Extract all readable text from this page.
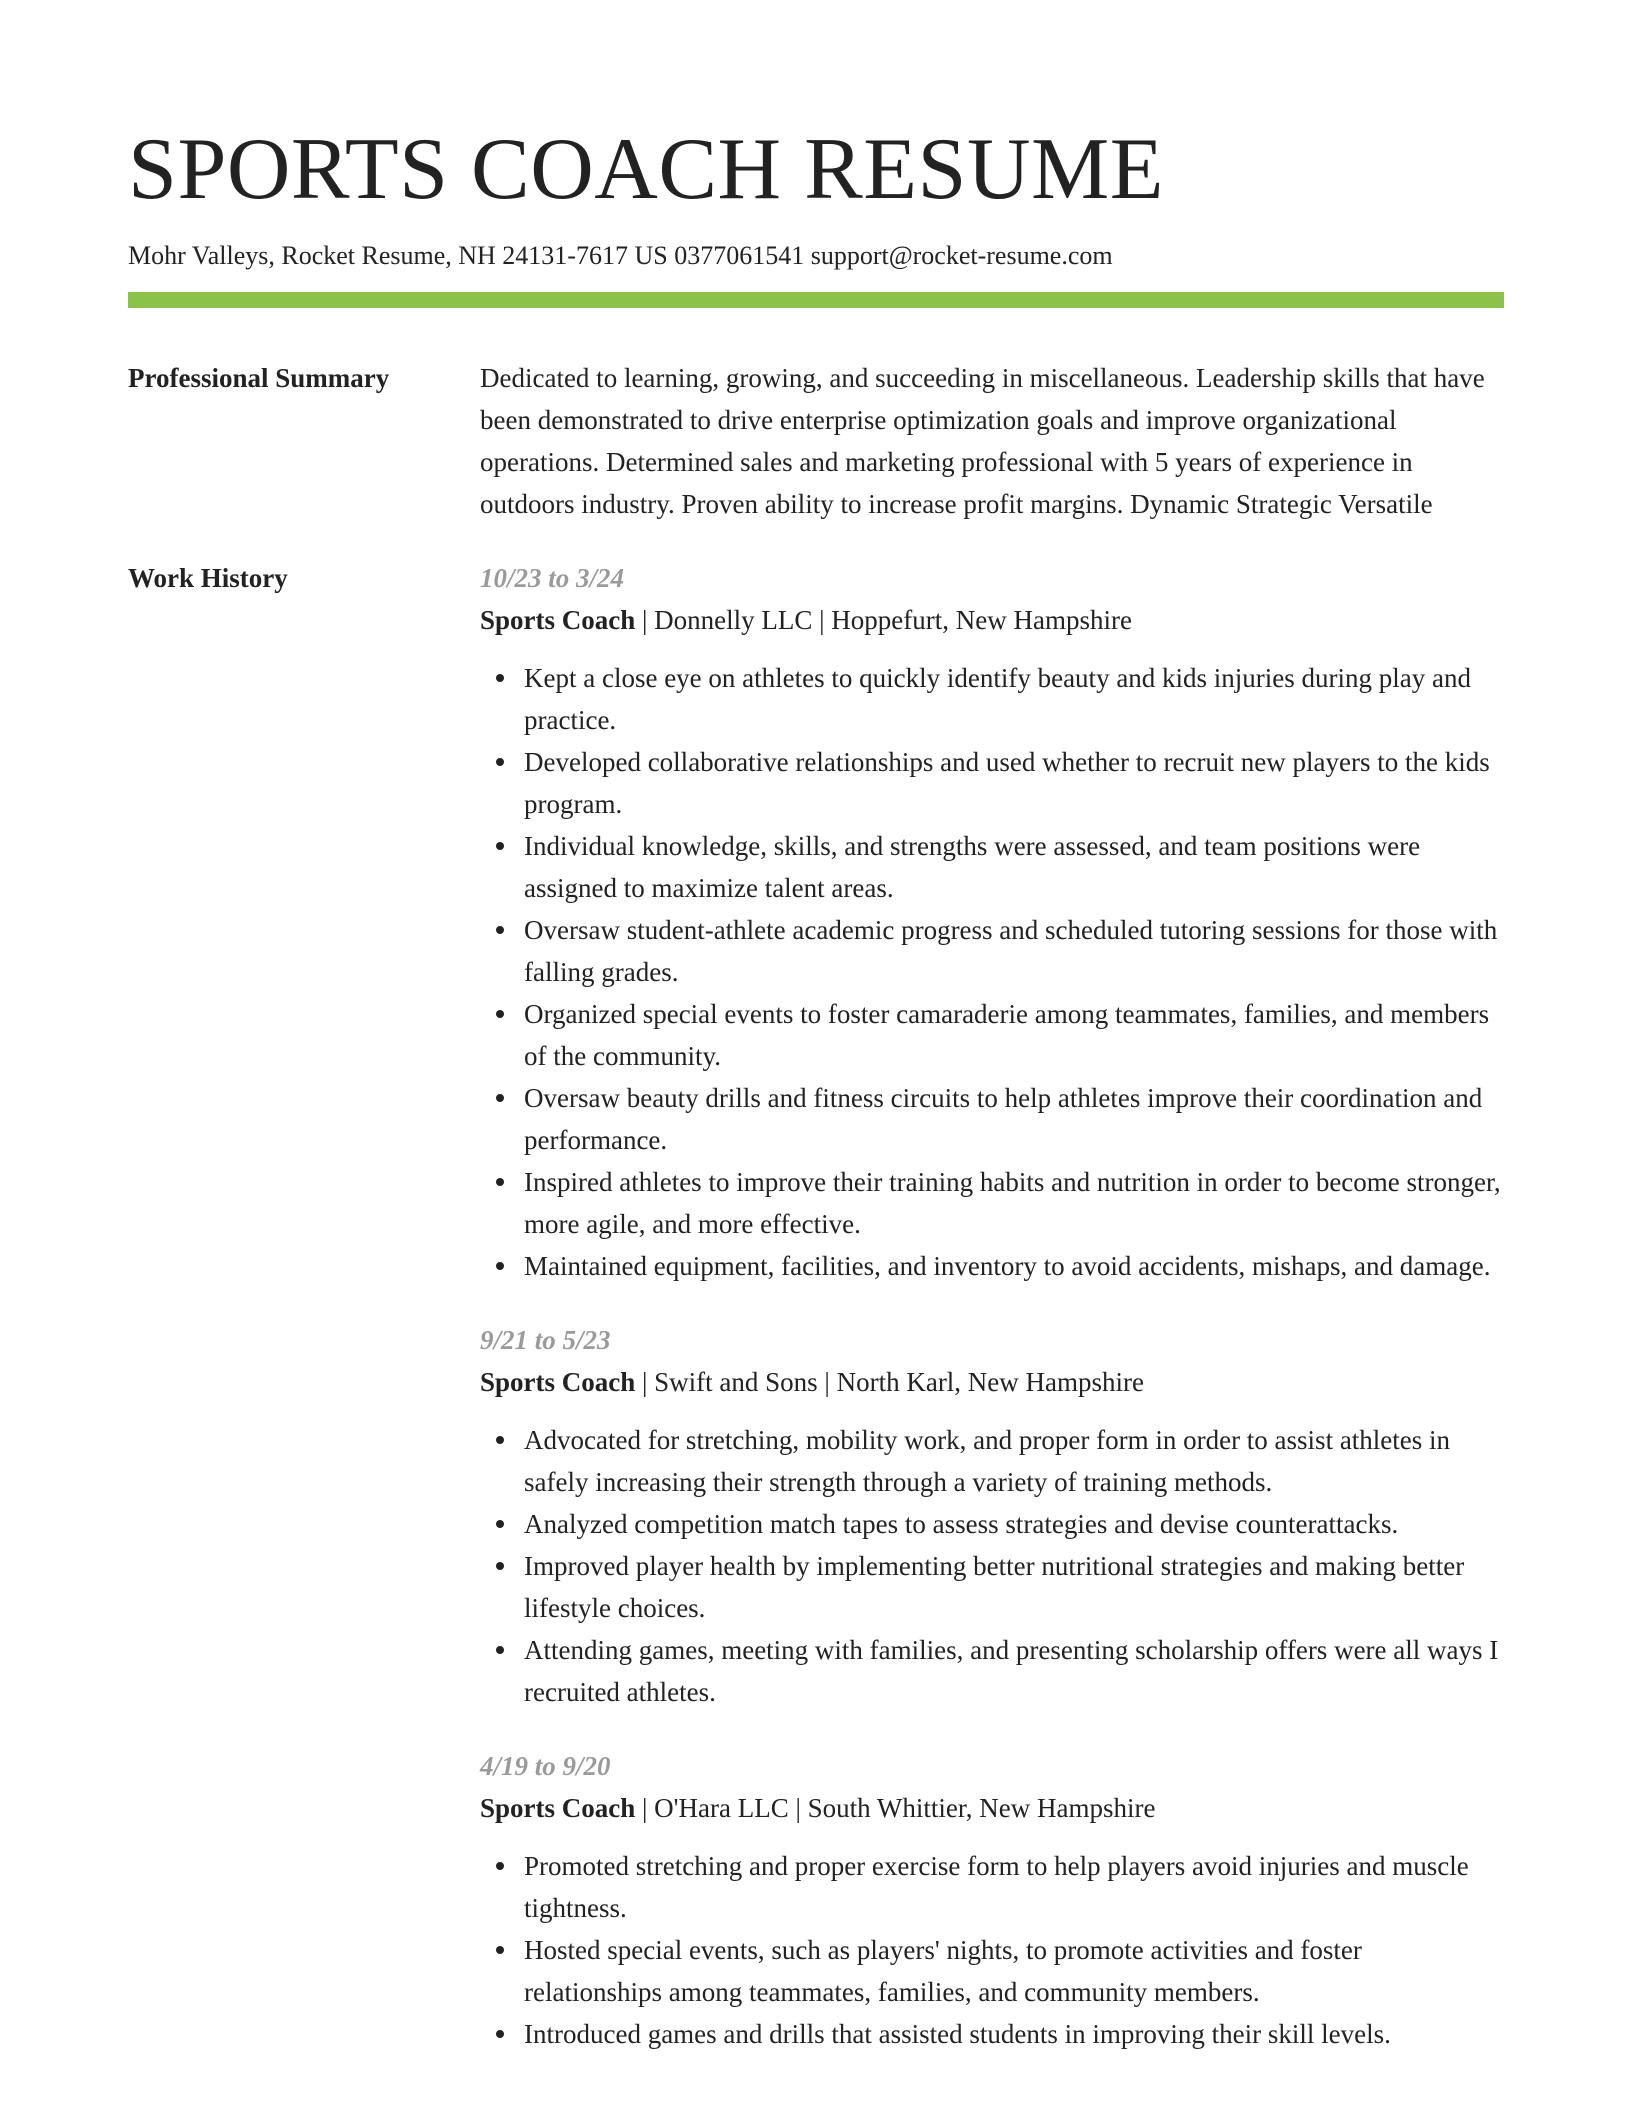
SPORTS COACH RESUME
Mohr Valleys, Rocket Resume, NH 24131-7617 US 0377061541 support@rocket-resume.com
Professional Summary	Dedicated to learning, growing, and succeeding in miscellaneous. Leadership skills that have been demonstrated to drive enterprise optimization goals and improve organizational operations. Determined sales and marketing professional with 5 years of experience in outdoors industry. Proven ability to increase profit margins. Dynamic Strategic Versatile

Work History	10/23 to 3/24
Sports Coach | Donnelly LLC | Hoppefurt, New Hampshire
Kept a close eye on athletes to quickly identify beauty and kids injuries during play and practice.
Developed collaborative relationships and used whether to recruit new players to the kids program.
Individual knowledge, skills, and strengths were assessed, and team positions were assigned to maximize talent areas.
Oversaw student-athlete academic progress and scheduled tutoring sessions for those with falling grades.
Organized special events to foster camaraderie among teammates, families, and members of the community.
Oversaw beauty drills and fitness circuits to help athletes improve their coordination and performance.
Inspired athletes to improve their training habits and nutrition in order to become stronger, more agile, and more effective.
Maintained equipment, facilities, and inventory to avoid accidents, mishaps, and damage.
9/21 to 5/23
Sports Coach | Swift and Sons | North Karl, New Hampshire
Advocated for stretching, mobility work, and proper form in order to assist athletes in safely increasing their strength through a variety of training methods.
Analyzed competition match tapes to assess strategies and devise counterattacks.
Improved player health by implementing better nutritional strategies and making better lifestyle choices.
Attending games, meeting with families, and presenting scholarship offers were all ways I recruited athletes.
4/19 to 9/20
Sports Coach | O'Hara LLC | South Whittier, New Hampshire
Promoted stretching and proper exercise form to help players avoid injuries and muscle tightness.
Hosted special events, such as players' nights, to promote activities and foster relationships among teammates, families, and community members.
Introduced games and drills that assisted students in improving their skill levels.
